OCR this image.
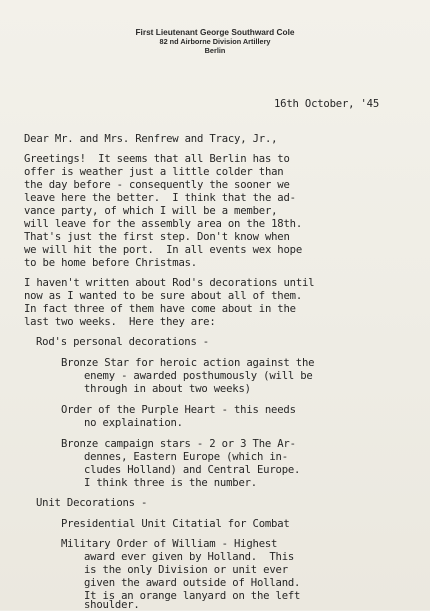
First Lieutenant George Southward Cole
82 nd Airborne Division Artillery
Berlin
16th October, '45
Dear Mr. and Mrs. Renfrew and Tracy, Jr.,
Greetings!  It seems that all Berlin has to
offer is weather just a little colder than
the day before - consequently the sooner we
leave here the better.  I think that the ad-
vance party, of which I will be a member,
will leave for the assembly area on the 18th.
That's just the first step. Don't know when
we will hit the port.  In all events wex hope
to be home before Christmas.
I haven't written about Rod's decorations until
now as I wanted to be sure about all of them.
In fact three of them have come about in the
last two weeks.  Here they are:
Rod's personal decorations -
Bronze Star for heroic action against the
enemy - awarded posthumously (will be
through in about two weeks)
Order of the Purple Heart - this needs
no explaination.
Bronze campaign stars - 2 or 3 The Ar-
dennes, Eastern Europe (which in-
cludes Holland) and Central Europe.
I think three is the number.
Unit Decorations -
Presidential Unit Citatial for Combat
Military Order of William - Highest
award ever given by Holland.  This
is the only Division or unit ever
given the award outside of Holland.
It is an orange lanyard on the left
shoulder.
